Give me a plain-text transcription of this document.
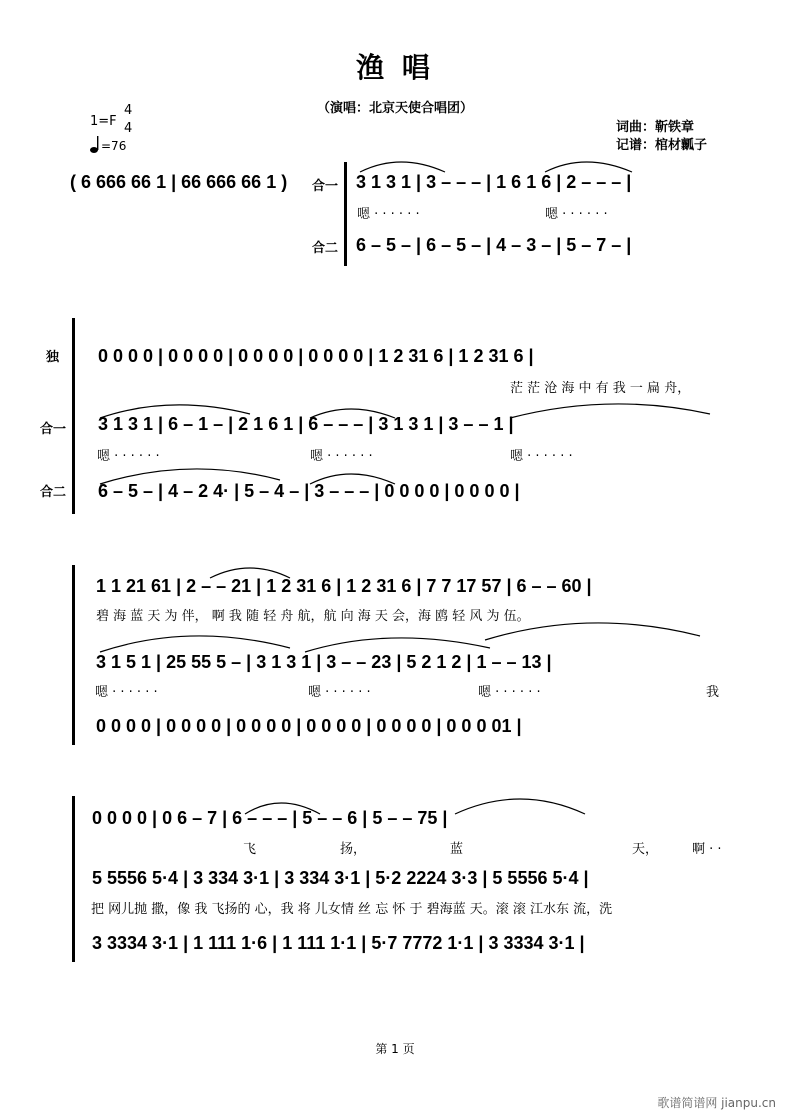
渔 唱
（演唱：北京天使合唱团）
词曲：靳铁章
记谱：棺材瓤子
1=F
4
4
=76
( 6 666 66 1 | 66 666 66 1 ) 合一
合二
3 1 3 1 | 3 – – – | 1 6 1 6 | 2 – – – |
嗯 · · · · · ·	嗯 · · · · · ·
6 – 5 – | 6 – 5 – | 4 – 3 – | 5 – 7 – |
独
合一
合二
0 0 0 0 | 0 0 0 0 | 0 0 0 0 | 0 0 0 0 | 1 2 31 6 | 1 2 31 6 |
茫 茫 沧 海 中 有 我 一 扁 舟，
3 1 3 1 | 6 – 1 – | 2 1 6 1 | 6 – – – | 3 1 3 1 | 3 – – 1 |
嗯 · · · · · ·	嗯 · · · · · ·	嗯 · · · · · ·
6 – 5 – | 4 – 2 4· | 5 – 4 – | 3 – – – | 0 0 0 0 | 0 0 0 0 |
1 1 21 61 | 2 – – 21 | 1 2 31 6 | 1 2 31 6 | 7 7 17 57 | 6 – – 60 |
碧 海 蓝 天 为 伴， 啊 我 随 轻 舟 航，航 向 海 天 会，海 鸥 轻 风 为 伍。
3 1 5 1 | 25 55 5 – | 3 1 3 1 | 3 – – 23 | 5 2 1 2 | 1 – – 13 |
嗯 · · · · · ·	嗯 · · · · · ·	嗯 · · · · · ·	我
0 0 0 0 | 0 0 0 0 | 0 0 0 0 | 0 0 0 0 | 0 0 0 0 | 0 0 0 01 |
0 0 0 0 | 0 6 – 7 | 6 – – – | 5 – – 6 | 5 – – 75 |
飞	扬，	蓝	天，	啊 · ·
5 5556 5·4 | 3 334 3·1 | 3 334 3·1 | 5·2 2224 3·3 | 5 5556 5·4 |
把 网儿抛 撒，像 我 飞扬的 心，我 将 儿女情 丝 忘 怀 于 碧海蓝 天。滚 滚 江水东 流，洗
3 3334 3·1 | 1 111 1·6 | 1 111 1·1 | 5·7 7772 1·1 | 3 3334 3·1 |
第 1 页
歌谱简谱网 jianpu.cn
